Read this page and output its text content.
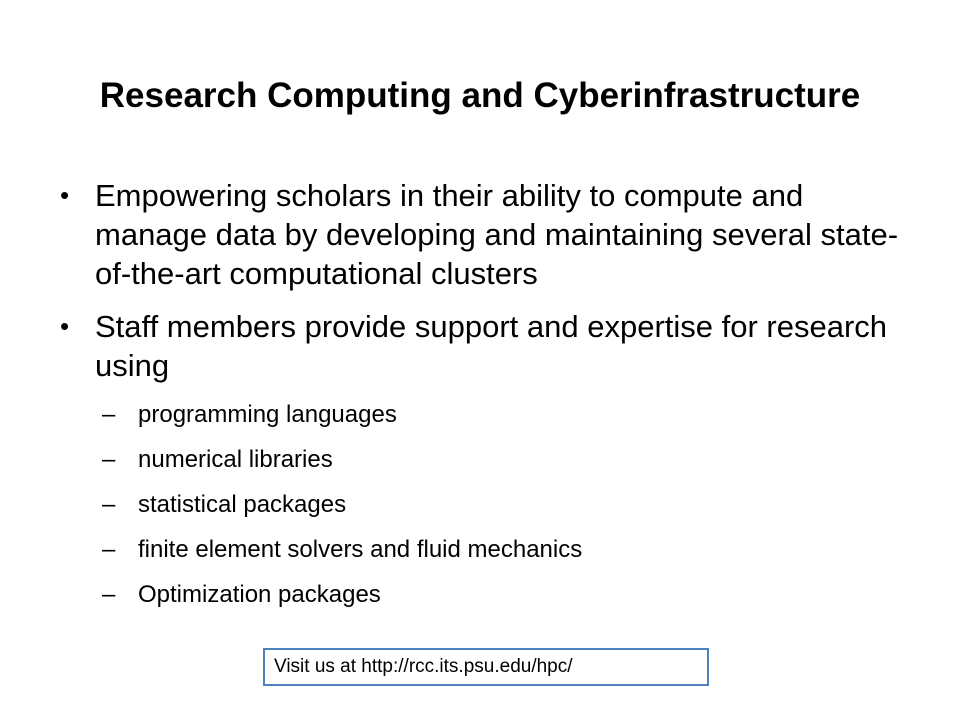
Research Computing and Cyberinfrastructure
• Empowering scholars in their ability to compute and manage data by developing and maintaining several state-of-the-art computational clusters
• Staff members provide support and expertise for research using
– programming languages
– numerical libraries
– statistical packages
– finite element solvers and fluid mechanics
– Optimization packages
Visit us at http://rcc.its.psu.edu/hpc/
